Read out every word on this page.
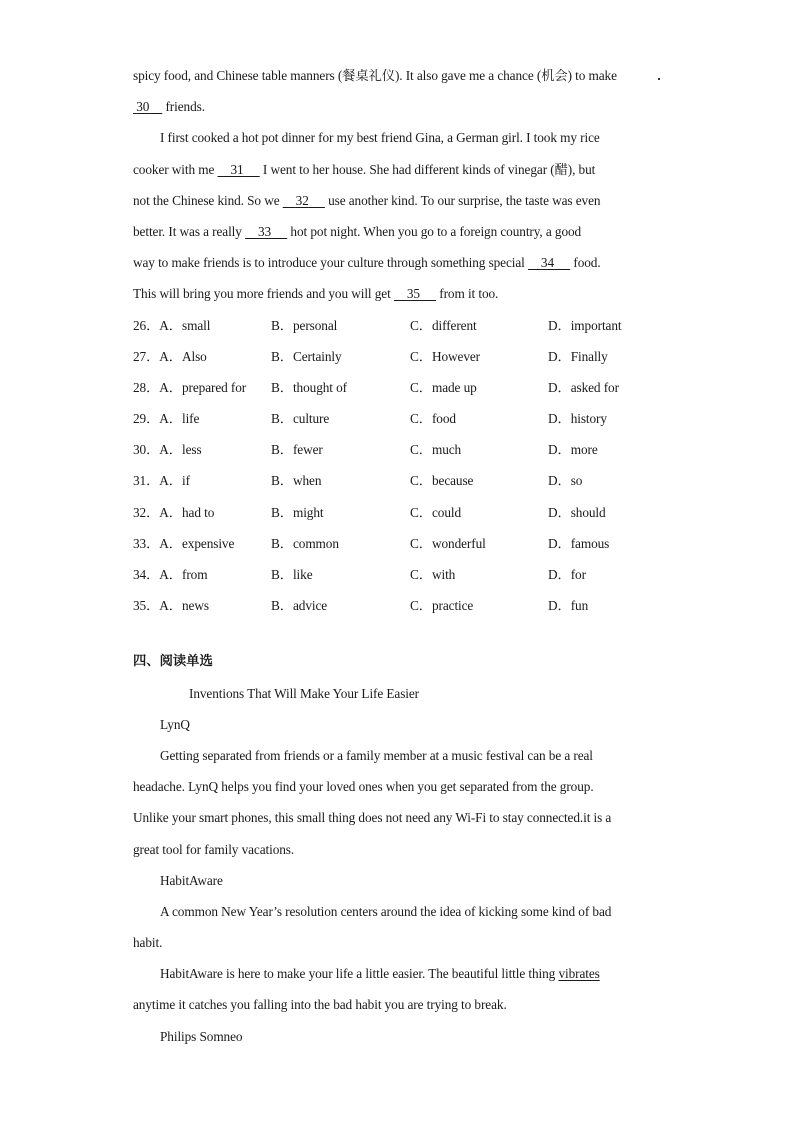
spicy food, and Chinese table manners (餐桌礼仪). It also gave me a chance (机会) to make
30     friends.
I first cooked a hot pot dinner for my best friend Gina, a German girl. I took my rice
cooker with me     31      I went to her house. She had different kinds of vinegar (醋), but
not the Chinese kind. So we     32      use another kind. To our surprise, the taste was even
better. It was a really     33      hot pot night. When you go to a foreign country, a good
way to make friends is to introduce your culture through something special     34      food.
This will bring you more friends and you will get     35      from it too.
26．A．small	B．personal	C．different	D．important
27．A．Also	B．Certainly	C．However	D．Finally
28．A．prepared for	B．thought of	C．made up	D．asked for
29．A．life	B．culture	C．food	D．history
30．A．less	B．fewer	C．much	D．more
31．A．if	B．when	C．because	D．so
32．A．had to	B．might	C．could	D．should
33．A．expensive	B．common	C．wonderful	D．famous
34．A．from	B．like	C．with	D．for
35．A．news	B．advice	C．practice	D．fun
四、阅读单选
Inventions That Will Make Your Life Easier
LynQ
Getting separated from friends or a family member at a music festival can be a real
headache. LynQ helps you find your loved ones when you get separated from the group.
Unlike your smart phones, this small thing does not need any Wi-Fi to stay connected.it is a
great tool for family vacations.
HabitAware
A common New Year’s resolution centers around the idea of kicking some kind of bad
habit.
HabitAware is here to make your life a little easier. The beautiful little thing vibrates
anytime it catches you falling into the bad habit you are trying to break.
Philips Somneo
